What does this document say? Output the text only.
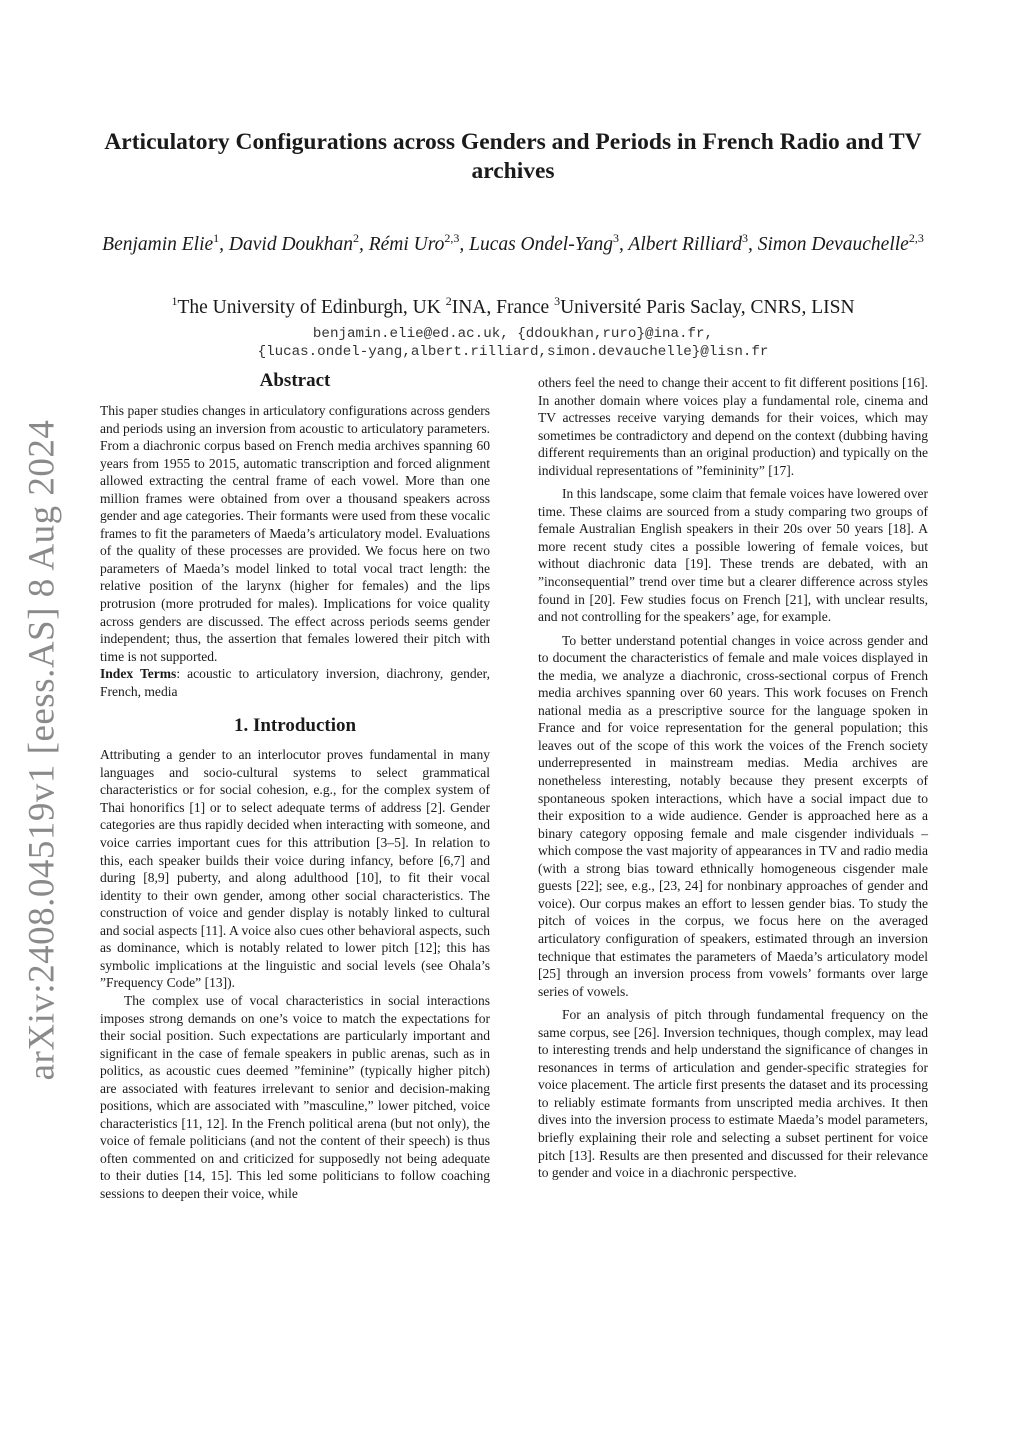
arXiv:2408.04519v1 [eess.AS] 8 Aug 2024
Articulatory Configurations across Genders and Periods in French Radio and TV archives
Benjamin Elie$^1$, David Doukhan$^2$, Rémi Uro$^{2,3}$, Lucas Ondel-Yang$^3$, Albert Rilliard$^3$, Simon Devauchelle$^{2,3}$
$^1$The University of Edinburgh, UK $^2$INA, France $^3$Université Paris Saclay, CNRS, LISN
benjamin.elie@ed.ac.uk, {ddoukhan,ruro}@ina.fr,
{lucas.ondel-yang,albert.rilliard,simon.devauchelle}@lisn.fr
Abstract

This paper studies changes in articulatory configurations across genders and periods using an inversion from acoustic to articulatory parameters. From a diachronic corpus based on French media archives spanning 60 years from 1955 to 2015, automatic transcription and forced alignment allowed extracting the central frame of each vowel. More than one million frames were obtained from over a thousand speakers across gender and age categories. Their formants were used from these vocalic frames to fit the parameters of Maeda’s articulatory model. Evaluations of the quality of these processes are provided. We focus here on two parameters of Maeda’s model linked to total vocal tract length: the relative position of the larynx (higher for females) and the lips protrusion (more protruded for males). Implications for voice quality across genders are discussed. The effect across periods seems gender independent; thus, the assertion that females lowered their pitch with time is not supported.

Index Terms: acoustic to articulatory inversion, diachrony, gender, French, media

1. Introduction

Attributing a gender to an interlocutor proves fundamental in many languages and socio-cultural systems to select grammatical characteristics or for social cohesion, e.g., for the complex system of Thai honorifics [1] or to select adequate terms of address [2]. Gender categories are thus rapidly decided when interacting with someone, and voice carries important cues for this attribution [3–5]. In relation to this, each speaker builds their voice during infancy, before [6,7] and during [8,9] puberty, and along adulthood [10], to fit their vocal identity to their own gender, among other social characteristics. The construction of voice and gender display is notably linked to cultural and social aspects [11]. A voice also cues other behavioral aspects, such as dominance, which is notably related to lower pitch [12]; this has symbolic implications at the linguistic and social levels (see Ohala’s ”Frequency Code” [13]).

The complex use of vocal characteristics in social interactions imposes strong demands on one’s voice to match the expectations for their social position. Such expectations are particularly important and significant in the case of female speakers in public arenas, such as in politics, as acoustic cues deemed ”feminine” (typically higher pitch) are associated with features irrelevant to senior and decision-making positions, which are associated with ”masculine,” lower pitched, voice characteristics [11, 12]. In the French political arena (but not only), the voice of female politicians (and not the content of their speech) is thus often commented on and criticized for supposedly not being adequate to their duties [14, 15]. This led some politicians to follow coaching sessions to deepen their voice, while

others feel the need to change their accent to fit different positions [16]. In another domain where voices play a fundamental role, cinema and TV actresses receive varying demands for their voices, which may sometimes be contradictory and depend on the context (dubbing having different requirements than an original production) and typically on the individual representations of ”femininity” [17].

In this landscape, some claim that female voices have lowered over time. These claims are sourced from a study comparing two groups of female Australian English speakers in their 20s over 50 years [18]. A more recent study cites a possible lowering of female voices, but without diachronic data [19]. These trends are debated, with an ”inconsequential” trend over time but a clearer difference across styles found in [20]. Few studies focus on French [21], with unclear results, and not controlling for the speakers’ age, for example.

To better understand potential changes in voice across gender and to document the characteristics of female and male voices displayed in the media, we analyze a diachronic, cross-sectional corpus of French media archives spanning over 60 years. This work focuses on French national media as a prescriptive source for the language spoken in France and for voice representation for the general population; this leaves out of the scope of this work the voices of the French society underrepresented in mainstream medias. Media archives are nonetheless interesting, notably because they present excerpts of spontaneous spoken interactions, which have a social impact due to their exposition to a wide audience. Gender is approached here as a binary category opposing female and male cisgender individuals – which compose the vast majority of appearances in TV and radio media (with a strong bias toward ethnically homogeneous cisgender male guests [22]; see, e.g., [23, 24] for nonbinary approaches of gender and voice). Our corpus makes an effort to lessen gender bias. To study the pitch of voices in the corpus, we focus here on the averaged articulatory configuration of speakers, estimated through an inversion technique that estimates the parameters of Maeda’s articulatory model [25] through an inversion process from vowels’ formants over large series of vowels.

For an analysis of pitch through fundamental frequency on the same corpus, see [26]. Inversion techniques, though complex, may lead to interesting trends and help understand the significance of changes in resonances in terms of articulation and gender-specific strategies for voice placement. The article first presents the dataset and its processing to reliably estimate formants from unscripted media archives. It then dives into the inversion process to estimate Maeda’s model parameters, briefly explaining their role and selecting a subset pertinent for voice pitch [13]. Results are then presented and discussed for their relevance to gender and voice in a diachronic perspective.
